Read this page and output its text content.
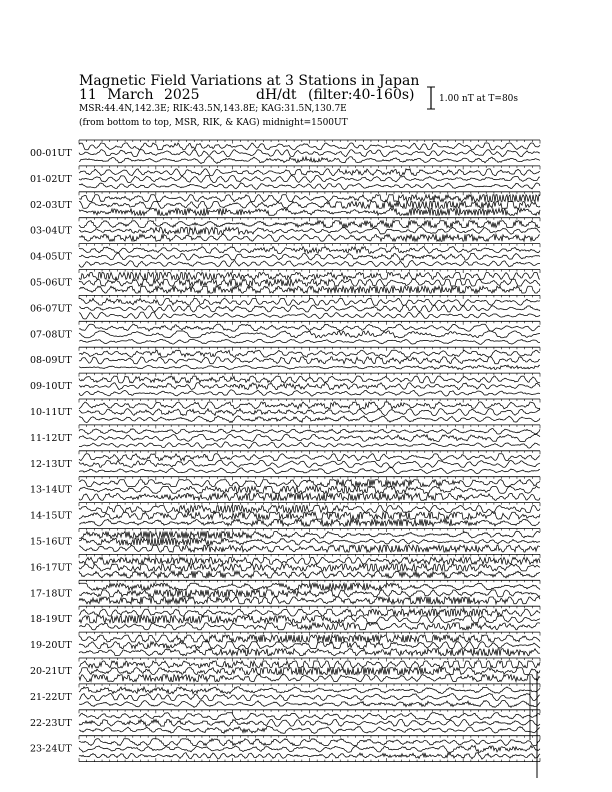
Magnetic Field Variations at 3 Stations in Japan
11 March 2025	dH/dt (filter:40-160s)
MSR:44.4N,142.3E; RIK:43.5N,143.8E; KAG:31.5N,130.7E
(from bottom to top, MSR, RIK, & KAG) midnight=1500UT
1.00 nT at T=80s
00-01UT
01-02UT
02-03UT
03-04UT
04-05UT
05-06UT
06-07UT
07-08UT
08-09UT
09-10UT
10-11UT
11-12UT
12-13UT
13-14UT
14-15UT
15-16UT
16-17UT
17-18UT
18-19UT
19-20UT
20-21UT
21-22UT
22-23UT
23-24UT
